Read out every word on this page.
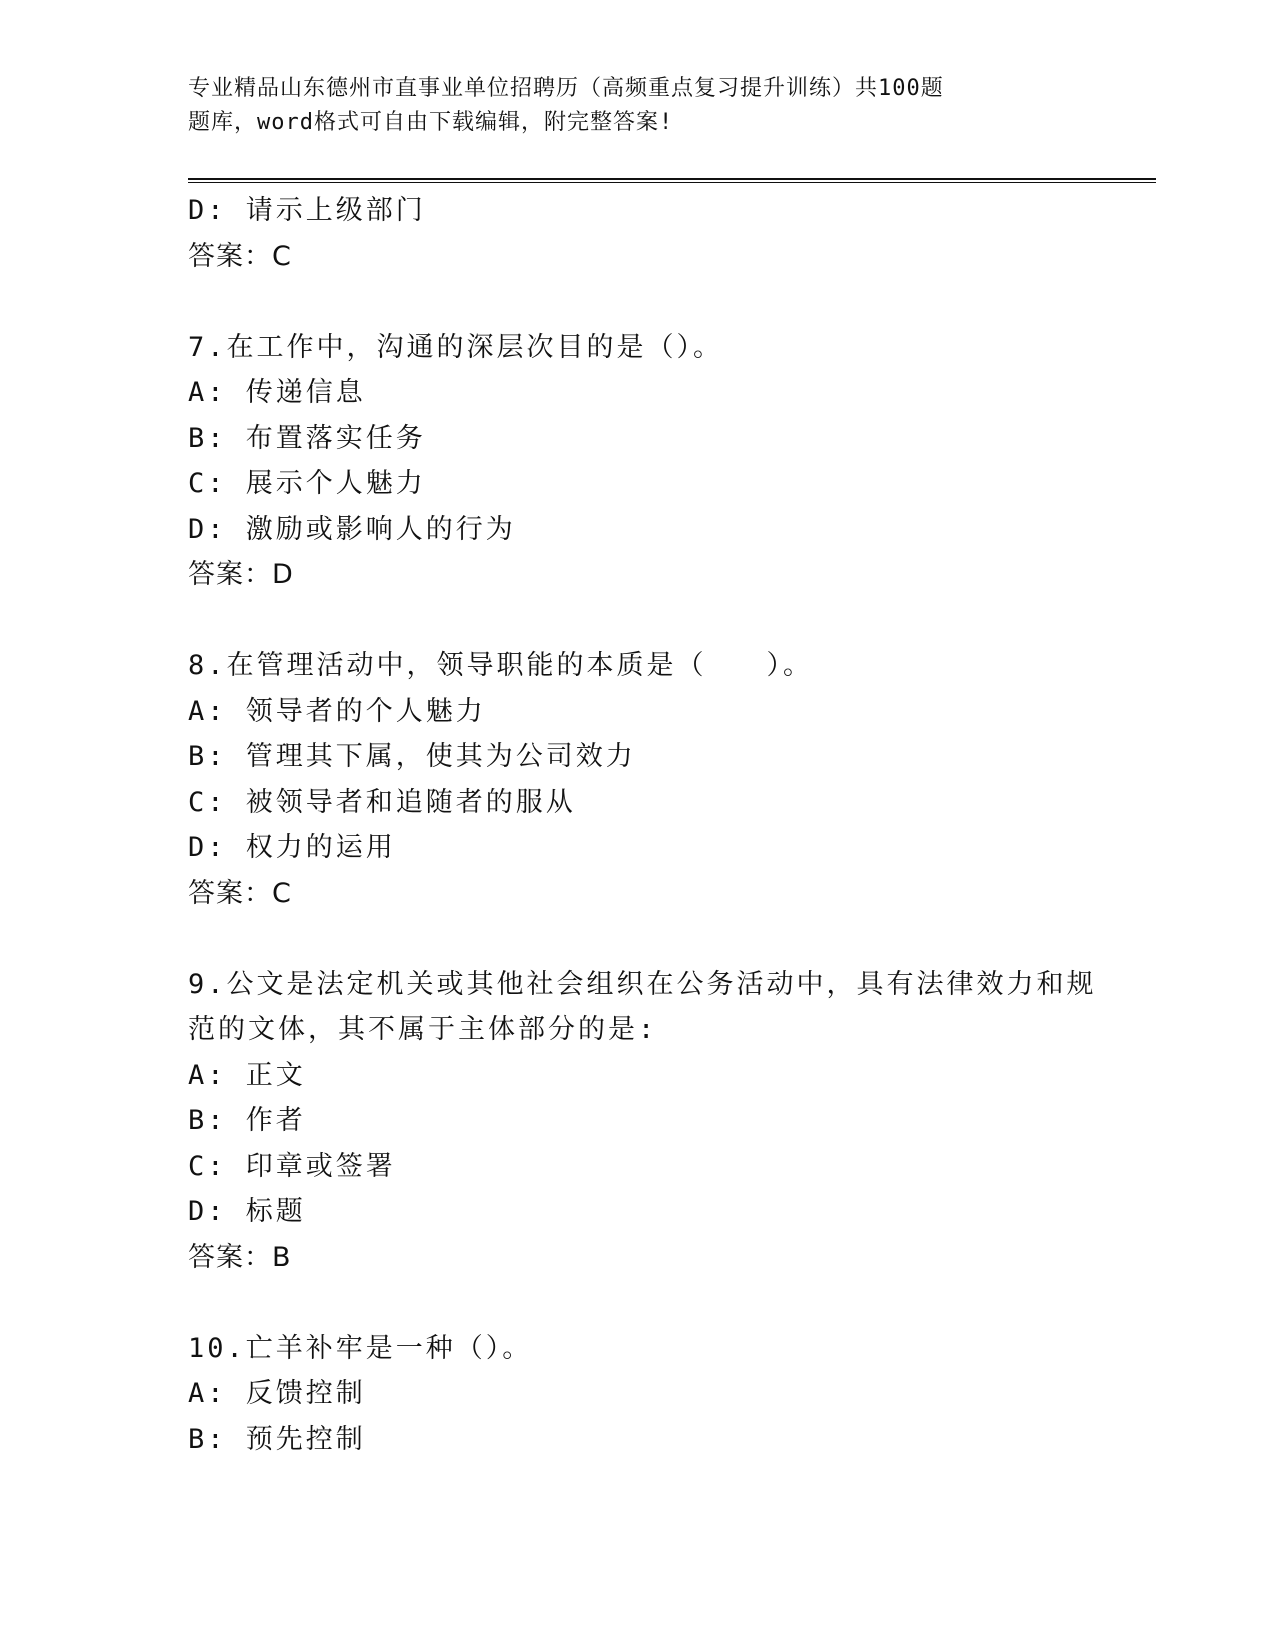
专业精品山东德州市直事业单位招聘历（高频重点复习提升训练）共100题
题库，word格式可自由下载编辑，附完整答案!
D: 请示上级部门
答案：C
7.在工作中，沟通的深层次目的是（）。
A: 传递信息
B: 布置落实任务
C: 展示个人魅力
D: 激励或影响人的行为
答案：D
8.在管理活动中，领导职能的本质是（　　）。
A: 领导者的个人魅力
B: 管理其下属，使其为公司效力
C: 被领导者和追随者的服从
D: 权力的运用
答案：C
9.公文是法定机关或其他社会组织在公务活动中，具有法律效力和规
范的文体，其不属于主体部分的是:
A: 正文
B: 作者
C: 印章或签署
D: 标题
答案：B
10.亡羊补牢是一种（）。
A: 反馈控制
B: 预先控制
